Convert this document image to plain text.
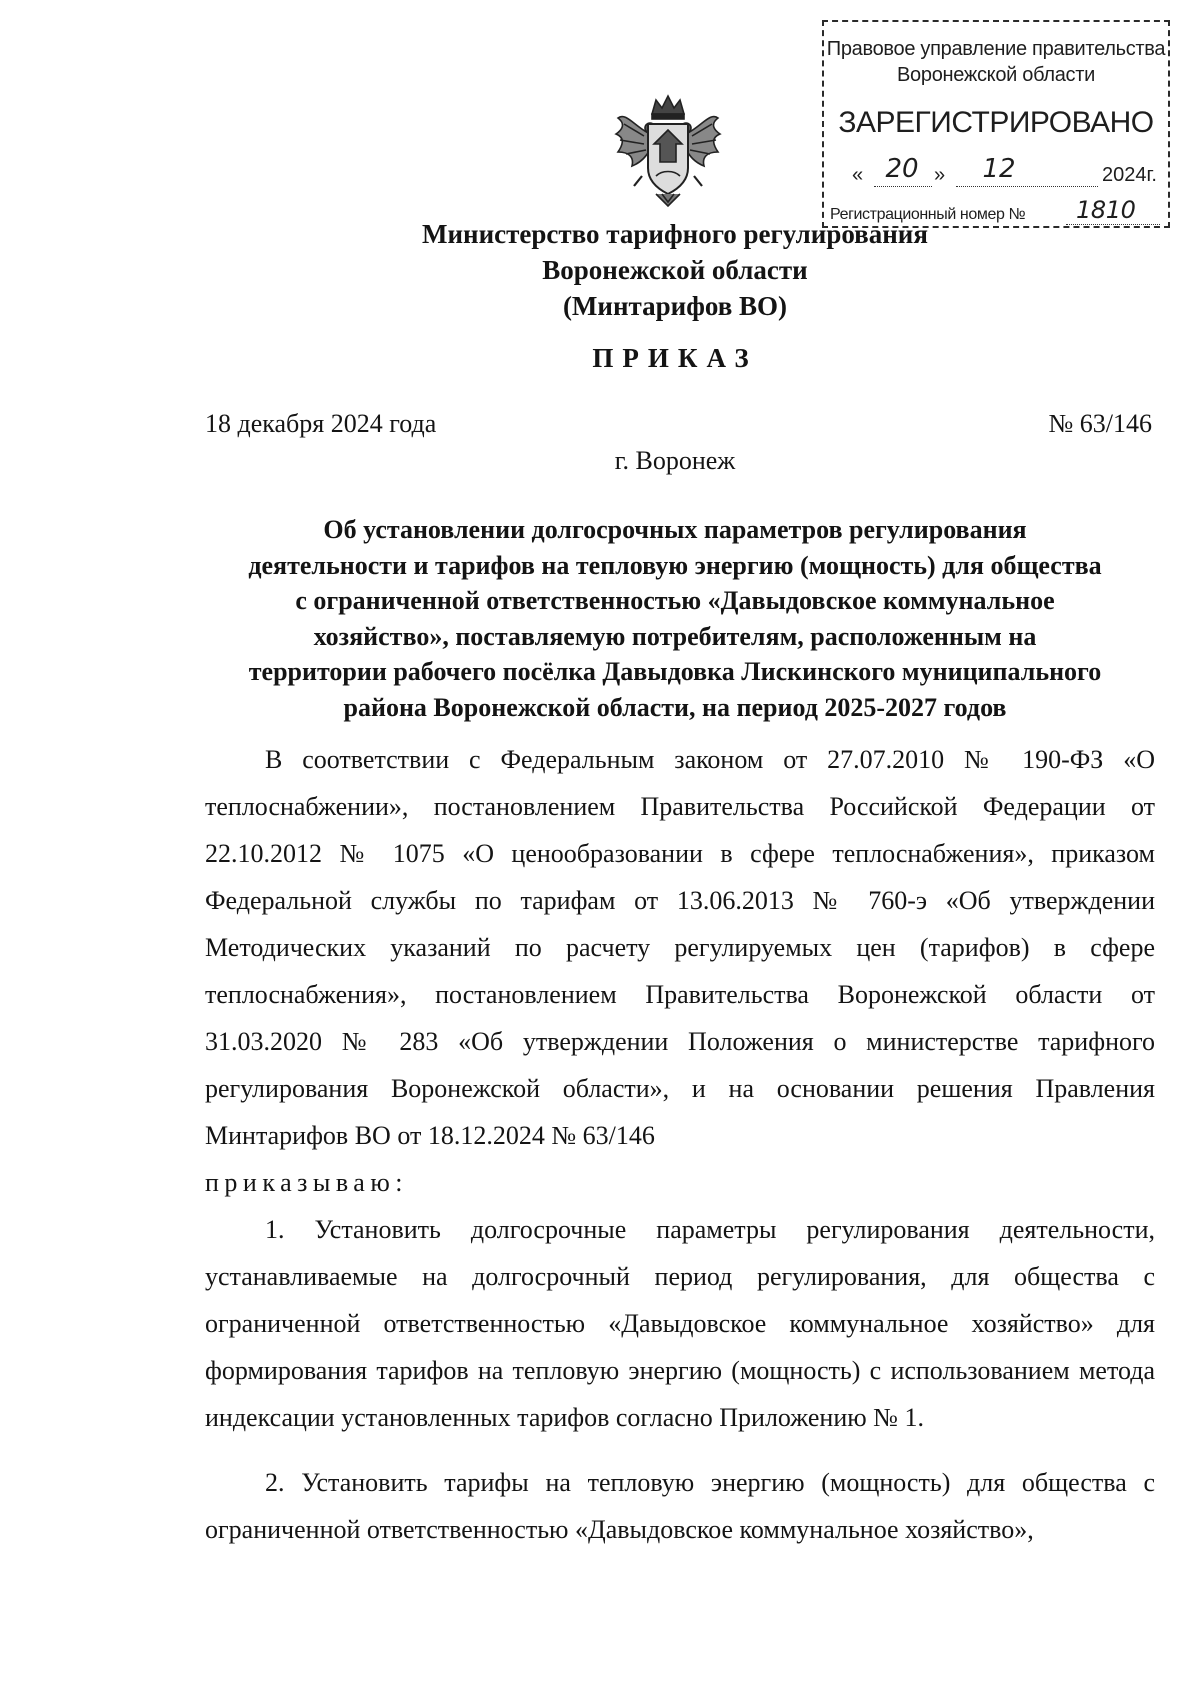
Правовое управление правительства
Воронежской области
ЗАРЕГИСТРИРОВАНО
« 20 »	12	2024г.
Регистрационный номер № 1810
Министерство тарифного регулирования
Воронежской области
(Минтарифов ВО)
ПРИКАЗ
18 декабря 2024 года	№ 63/146
г. Воронеж
Об установлении долгосрочных параметров регулирования
деятельности и тарифов на тепловую энергию (мощность) для общества
с ограниченной ответственностью «Давыдовское коммунальное
хозяйство», поставляемую потребителям, расположенным на
территории рабочего посёлка Давыдовка Лискинского муниципального
района Воронежской области, на период 2025-2027 годов

В соответствии с Федеральным законом от 27.07.2010 № 190-ФЗ «О теплоснабжении», постановлением Правительства Российской Федерации от 22.10.2012 № 1075 «О ценообразовании в сфере теплоснабжения», приказом Федеральной службы по тарифам от 13.06.2013 № 760-э «Об утверждении Методических указаний по расчету регулируемых цен (тарифов) в сфере теплоснабжения», постановлением Правительства Воронежской области от 31.03.2020 № 283 «Об утверждении Положения о министерстве тарифного регулирования Воронежской области», и на основании решения Правления Минтарифов ВО от 18.12.2024 № 63/146

приказываю:

1. Установить долгосрочные параметры регулирования деятельности, устанавливаемые на долгосрочный период регулирования, для общества с ограниченной ответственностью «Давыдовское коммунальное хозяйство» для формирования тарифов на тепловую энергию (мощность) с использованием метода индексации установленных тарифов согласно Приложению № 1.

2. Установить тарифы на тепловую энергию (мощность) для общества с ограниченной ответственностью «Давыдовское коммунальное хозяйство»,
